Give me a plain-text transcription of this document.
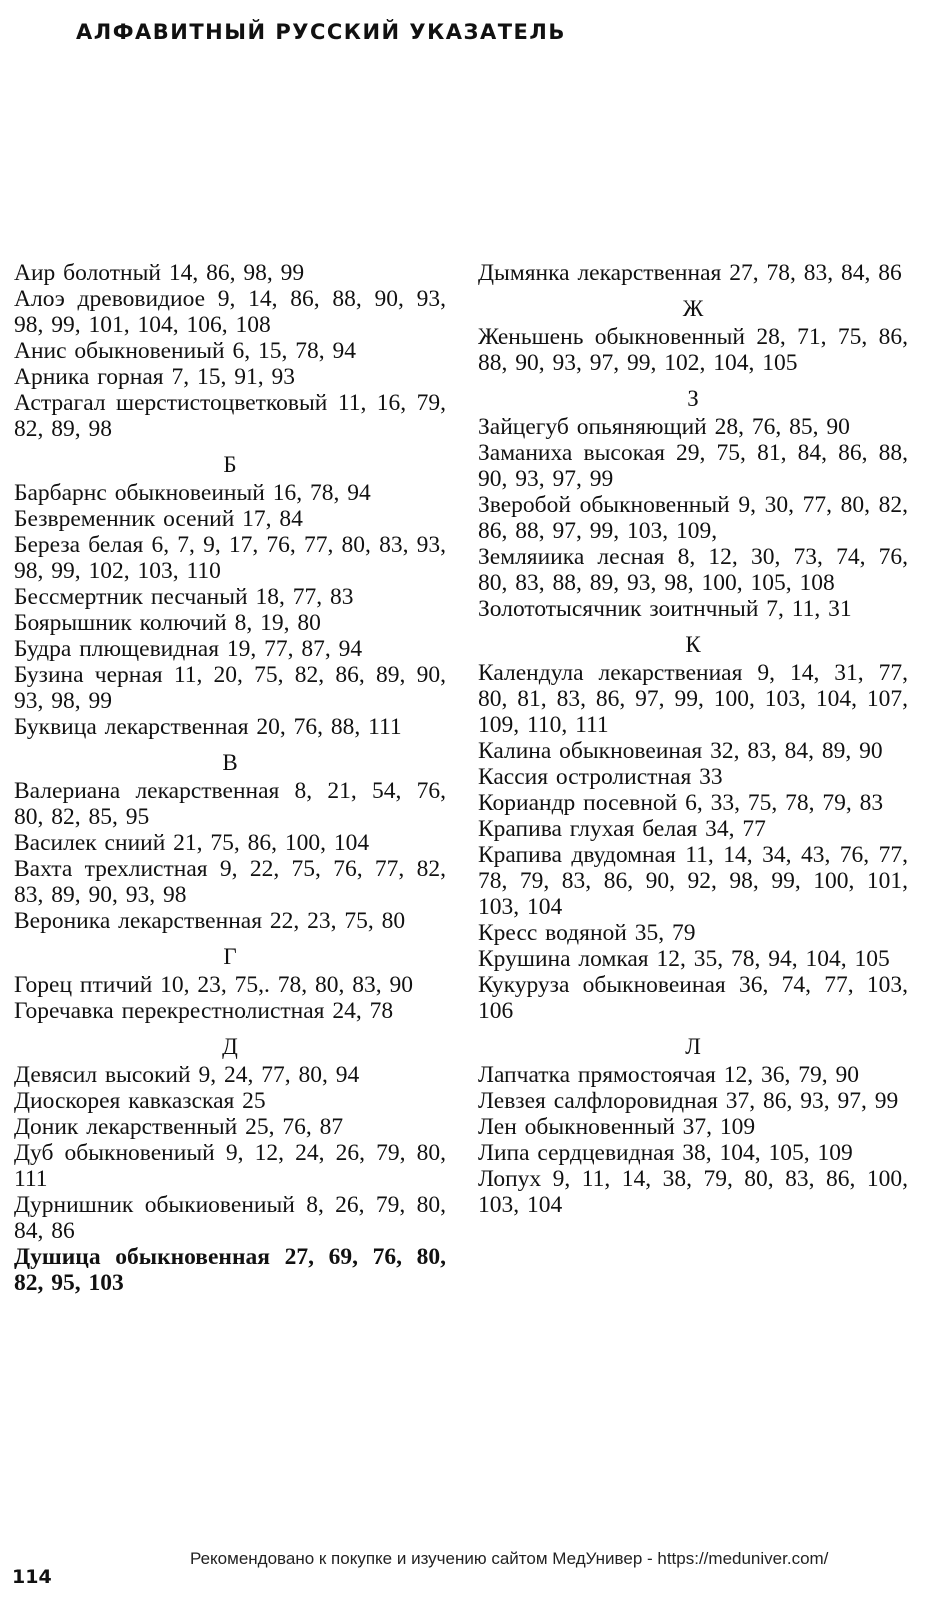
АЛФАВИТНЫЙ РУССКИЙ УКАЗАТЕЛЬ
Аир болотный 14, 86, 98, 99
Алоэ древовидиое 9, 14, 86, 88, 90, 93, 98, 99, 101, 104, 106, 108
Анис обыкновениый 6, 15, 78, 94
Арника горная 7, 15, 91, 93
Астрагал шерстистоцветковый 11, 16, 79, 82, 89, 98
Б
Барбарнс обыкновеиный 16, 78, 94
Безвременник осений 17, 84
Береза белая 6, 7, 9, 17, 76, 77, 80, 83, 93, 98, 99, 102, 103, 110
Бессмертник песчаный 18, 77, 83
Боярышник колючий 8, 19, 80
Будра плющевидная 19, 77, 87, 94
Бузина черная 11, 20, 75, 82, 86, 89, 90, 93, 98, 99
Буквица лекарственная 20, 76, 88, 111
В
Валериана лекарственная 8, 21, 54, 76, 80, 82, 85, 95
Василек сниий 21, 75, 86, 100, 104
Вахта трехлистная 9, 22, 75, 76, 77, 82, 83, 89, 90, 93, 98
Вероника лекарственная 22, 23, 75, 80
Г
Горец птичий 10, 23, 75,. 78, 80, 83, 90
Горечавка перекрестнолистная 24, 78
Д
Девясил высокий 9, 24, 77, 80, 94
Диоскорея кавказская 25
Доник лекарственный 25, 76, 87
Дуб обыкновениый 9, 12, 24, 26, 79, 80, 111
Дурнишник обыкиовениый 8, 26, 79, 80, 84, 86
Душица обыкновенная 27, 69, 76, 80, 82, 95, 103
Дымянка лекарственная 27, 78, 83, 84, 86
Ж
Женьшень обыкновенный 28, 71, 75, 86, 88, 90, 93, 97, 99, 102, 104, 105
З
Зайцегуб опьяняющий 28, 76, 85, 90
Заманиха высокая 29, 75, 81, 84, 86, 88, 90, 93, 97, 99
Зверобой обыкновенный 9, 30, 77, 80, 82, 86, 88, 97, 99, 103, 109,
Земляиика лесная 8, 12, 30, 73, 74, 76, 80, 83, 88, 89, 93, 98, 100, 105, 108
Золототысячник зоитнчный 7, 11, 31
К
Календула лекарствениая 9, 14, 31, 77, 80, 81, 83, 86, 97, 99, 100, 103, 104, 107, 109, 110, 111
Калина обыкновеиная 32, 83, 84, 89, 90
Кассия остролистная 33
Кориандр посевной 6, 33, 75, 78, 79, 83
Крапива глухая белая 34, 77
Крапива двудомная 11, 14, 34, 43, 76, 77, 78, 79, 83, 86, 90, 92, 98, 99, 100, 101, 103, 104
Кресс водяной 35, 79
Крушина ломкая 12, 35, 78, 94, 104, 105
Кукуруза обыкновеиная 36, 74, 77, 103, 106
Л
Лапчатка прямостоячая 12, 36, 79, 90
Левзея салфлоровидная 37, 86, 93, 97, 99
Лен обыкновенный 37, 109
Липа сердцевидная 38, 104, 105, 109
Лопух 9, 11, 14, 38, 79, 80, 83, 86, 100, 103, 104
114
Рекомендовано к покупке и изучению сайтом МедУнивер - https://meduniver.com/
